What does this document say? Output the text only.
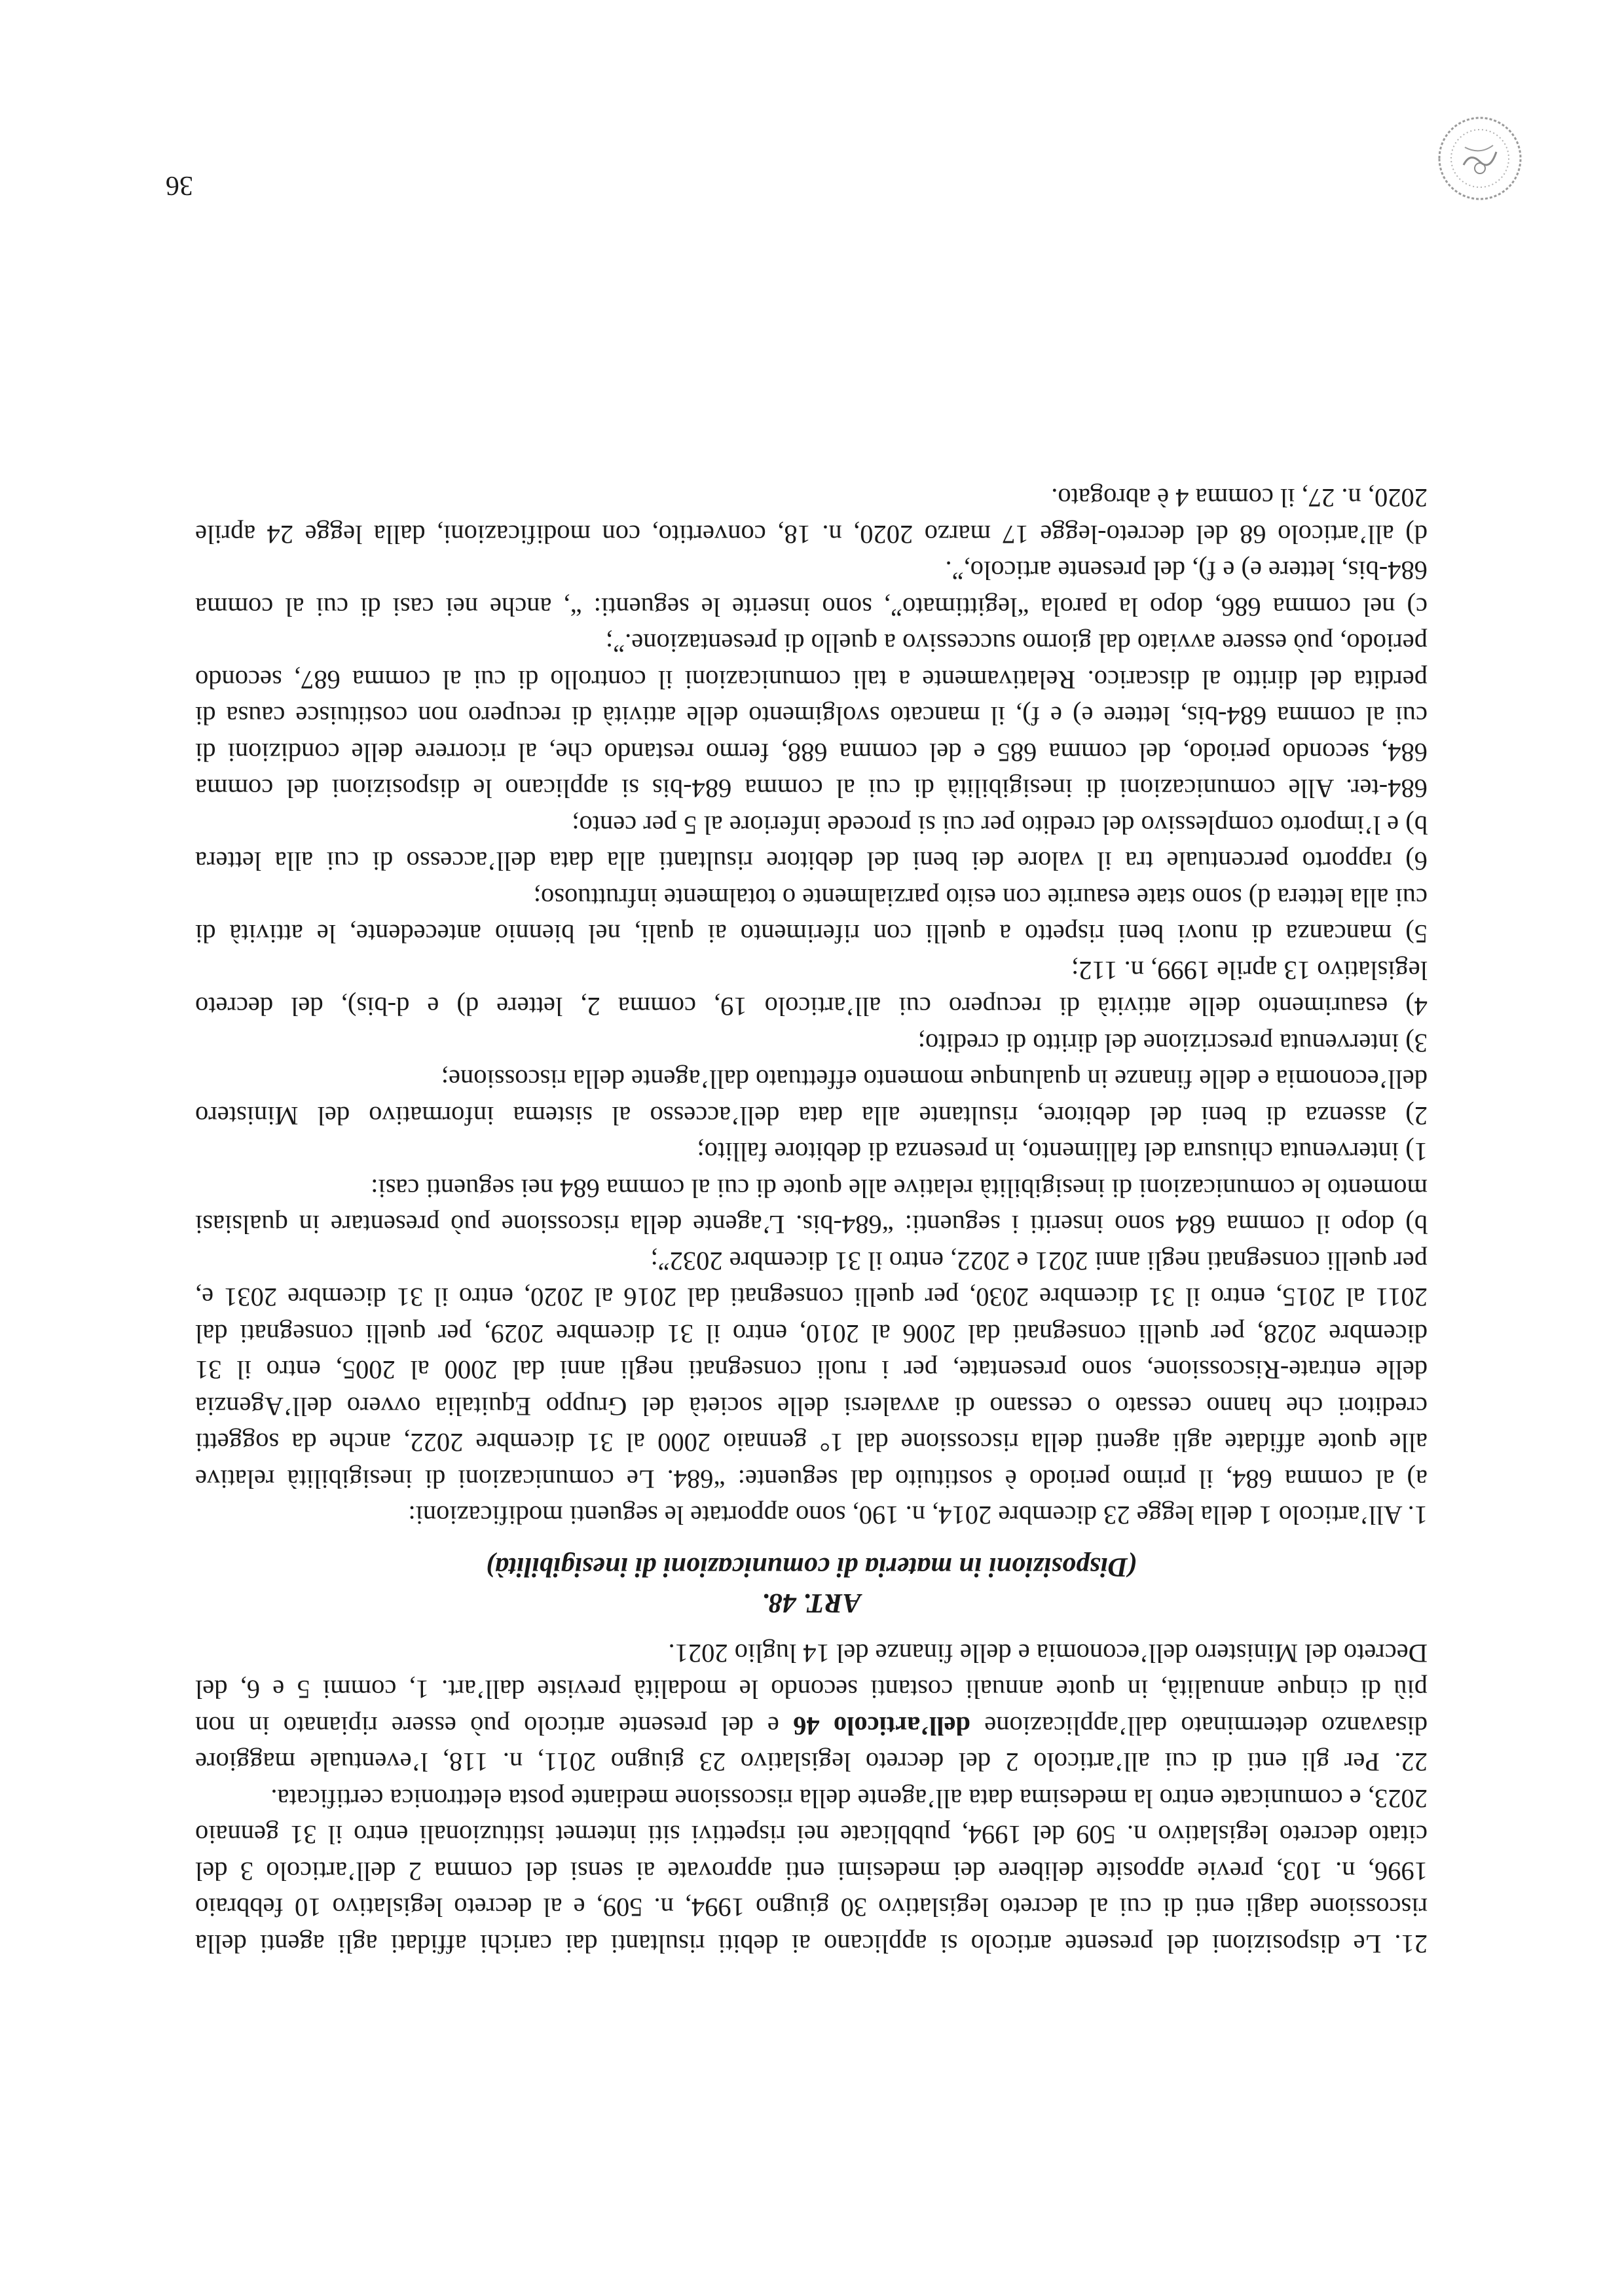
21. Le disposizioni del presente articolo si applicano ai debiti risultanti dai carichi affidati agli agenti della
riscossione dagli enti di cui al decreto legislativo 30 giugno 1994, n. 509, e al decreto legislativo 10 febbraio
1996, n. 103, previe apposite delibere dei medesimi enti approvate ai sensi del comma 2 dell’articolo 3 del
citato decreto legislativo n. 509 del 1994, pubblicate nei rispettivi siti internet istituzionali entro il 31 gennaio
2023, e comunicate entro la medesima data all’agente della riscossione mediante posta elettronica certificata.

22. Per gli enti di cui all’articolo 2 del decreto legislativo 23 giugno 2011, n. 118, l’eventuale maggiore
disavanzo determinato dall’applicazione dell’articolo 46 e del presente articolo può essere ripianato in non
più di cinque annualità, in quote annuali costanti secondo le modalità previste dall’art. 1, commi 5 e 6, del
Decreto del Ministero dell’economia e delle finanze del 14 luglio 2021.

ART. 48.
(Disposizioni in materia di comunicazioni di inesigibilità)

1. All’articolo 1 della legge 23 dicembre 2014, n. 190, sono apportate le seguenti modificazioni:

a) al comma 684, il primo periodo è sostituito dal seguente: “684. Le comunicazioni di inesigibilità relative
alle quote affidate agli agenti della riscossione dal 1° gennaio 2000 al 31 dicembre 2022, anche da soggetti
creditori che hanno cessato o cessano di avvalersi delle società del Gruppo Equitalia ovvero dell’Agenzia
delle entrate-Riscossione, sono presentate, per i ruoli consegnati negli anni dal 2000 al 2005, entro il 31
dicembre 2028, per quelli consegnati dal 2006 al 2010, entro il 31 dicembre 2029, per quelli consegnati dal
2011 al 2015, entro il 31 dicembre 2030, per quelli consegnati dal 2016 al 2020, entro il 31 dicembre 2031 e,
per quelli consegnati negli anni 2021 e 2022, entro il 31 dicembre 2032”;

b) dopo il comma 684 sono inseriti i seguenti: “684-bis. L’agente della riscossione può presentare in qualsiasi
momento le comunicazioni di inesigibilità relative alle quote di cui al comma 684 nei seguenti casi:

1) intervenuta chiusura del fallimento, in presenza di debitore fallito;

2) assenza di beni del debitore, risultante alla data dell’accesso al sistema informativo del Ministero
dell’economia e delle finanze in qualunque momento effettuato dall’agente della riscossione;

3) intervenuta prescrizione del diritto di credito;

4) esaurimento delle attività di recupero cui all’articolo 19, comma 2, lettere d) e d-bis), del decreto
legislativo 13 aprile 1999, n. 112;

5) mancanza di nuovi beni rispetto a quelli con riferimento ai quali, nel biennio antecedente, le attività di
cui alla lettera d) sono state esaurite con esito parzialmente o totalmente infruttuoso;

6) rapporto percentuale tra il valore dei beni del debitore risultanti alla data dell’accesso di cui alla lettera
b) e l’importo complessivo del credito per cui si procede inferiore al 5 per cento;

684-ter. Alle comunicazioni di inesigibilità di cui al comma 684-bis si applicano le disposizioni del comma
684, secondo periodo, del comma 685 e del comma 688, fermo restando che, al ricorrere delle condizioni di
cui al comma 684-bis, lettere e) e f), il mancato svolgimento delle attività di recupero non costituisce causa di
perdita del diritto al discarico. Relativamente a tali comunicazioni il controllo di cui al comma 687, secondo
periodo, può essere avviato dal giorno successivo a quello di presentazione.”;

c) nel comma 686, dopo la parola “legittimato”, sono inserite le seguenti: “, anche nei casi di cui al comma
684-bis, lettere e) e f), del presente articolo,”.

d) all’articolo 68 del decreto-legge 17 marzo 2020, n. 18, convertito, con modificazioni, dalla legge 24 aprile
2020, n. 27, il comma 4 è abrogato.

36
